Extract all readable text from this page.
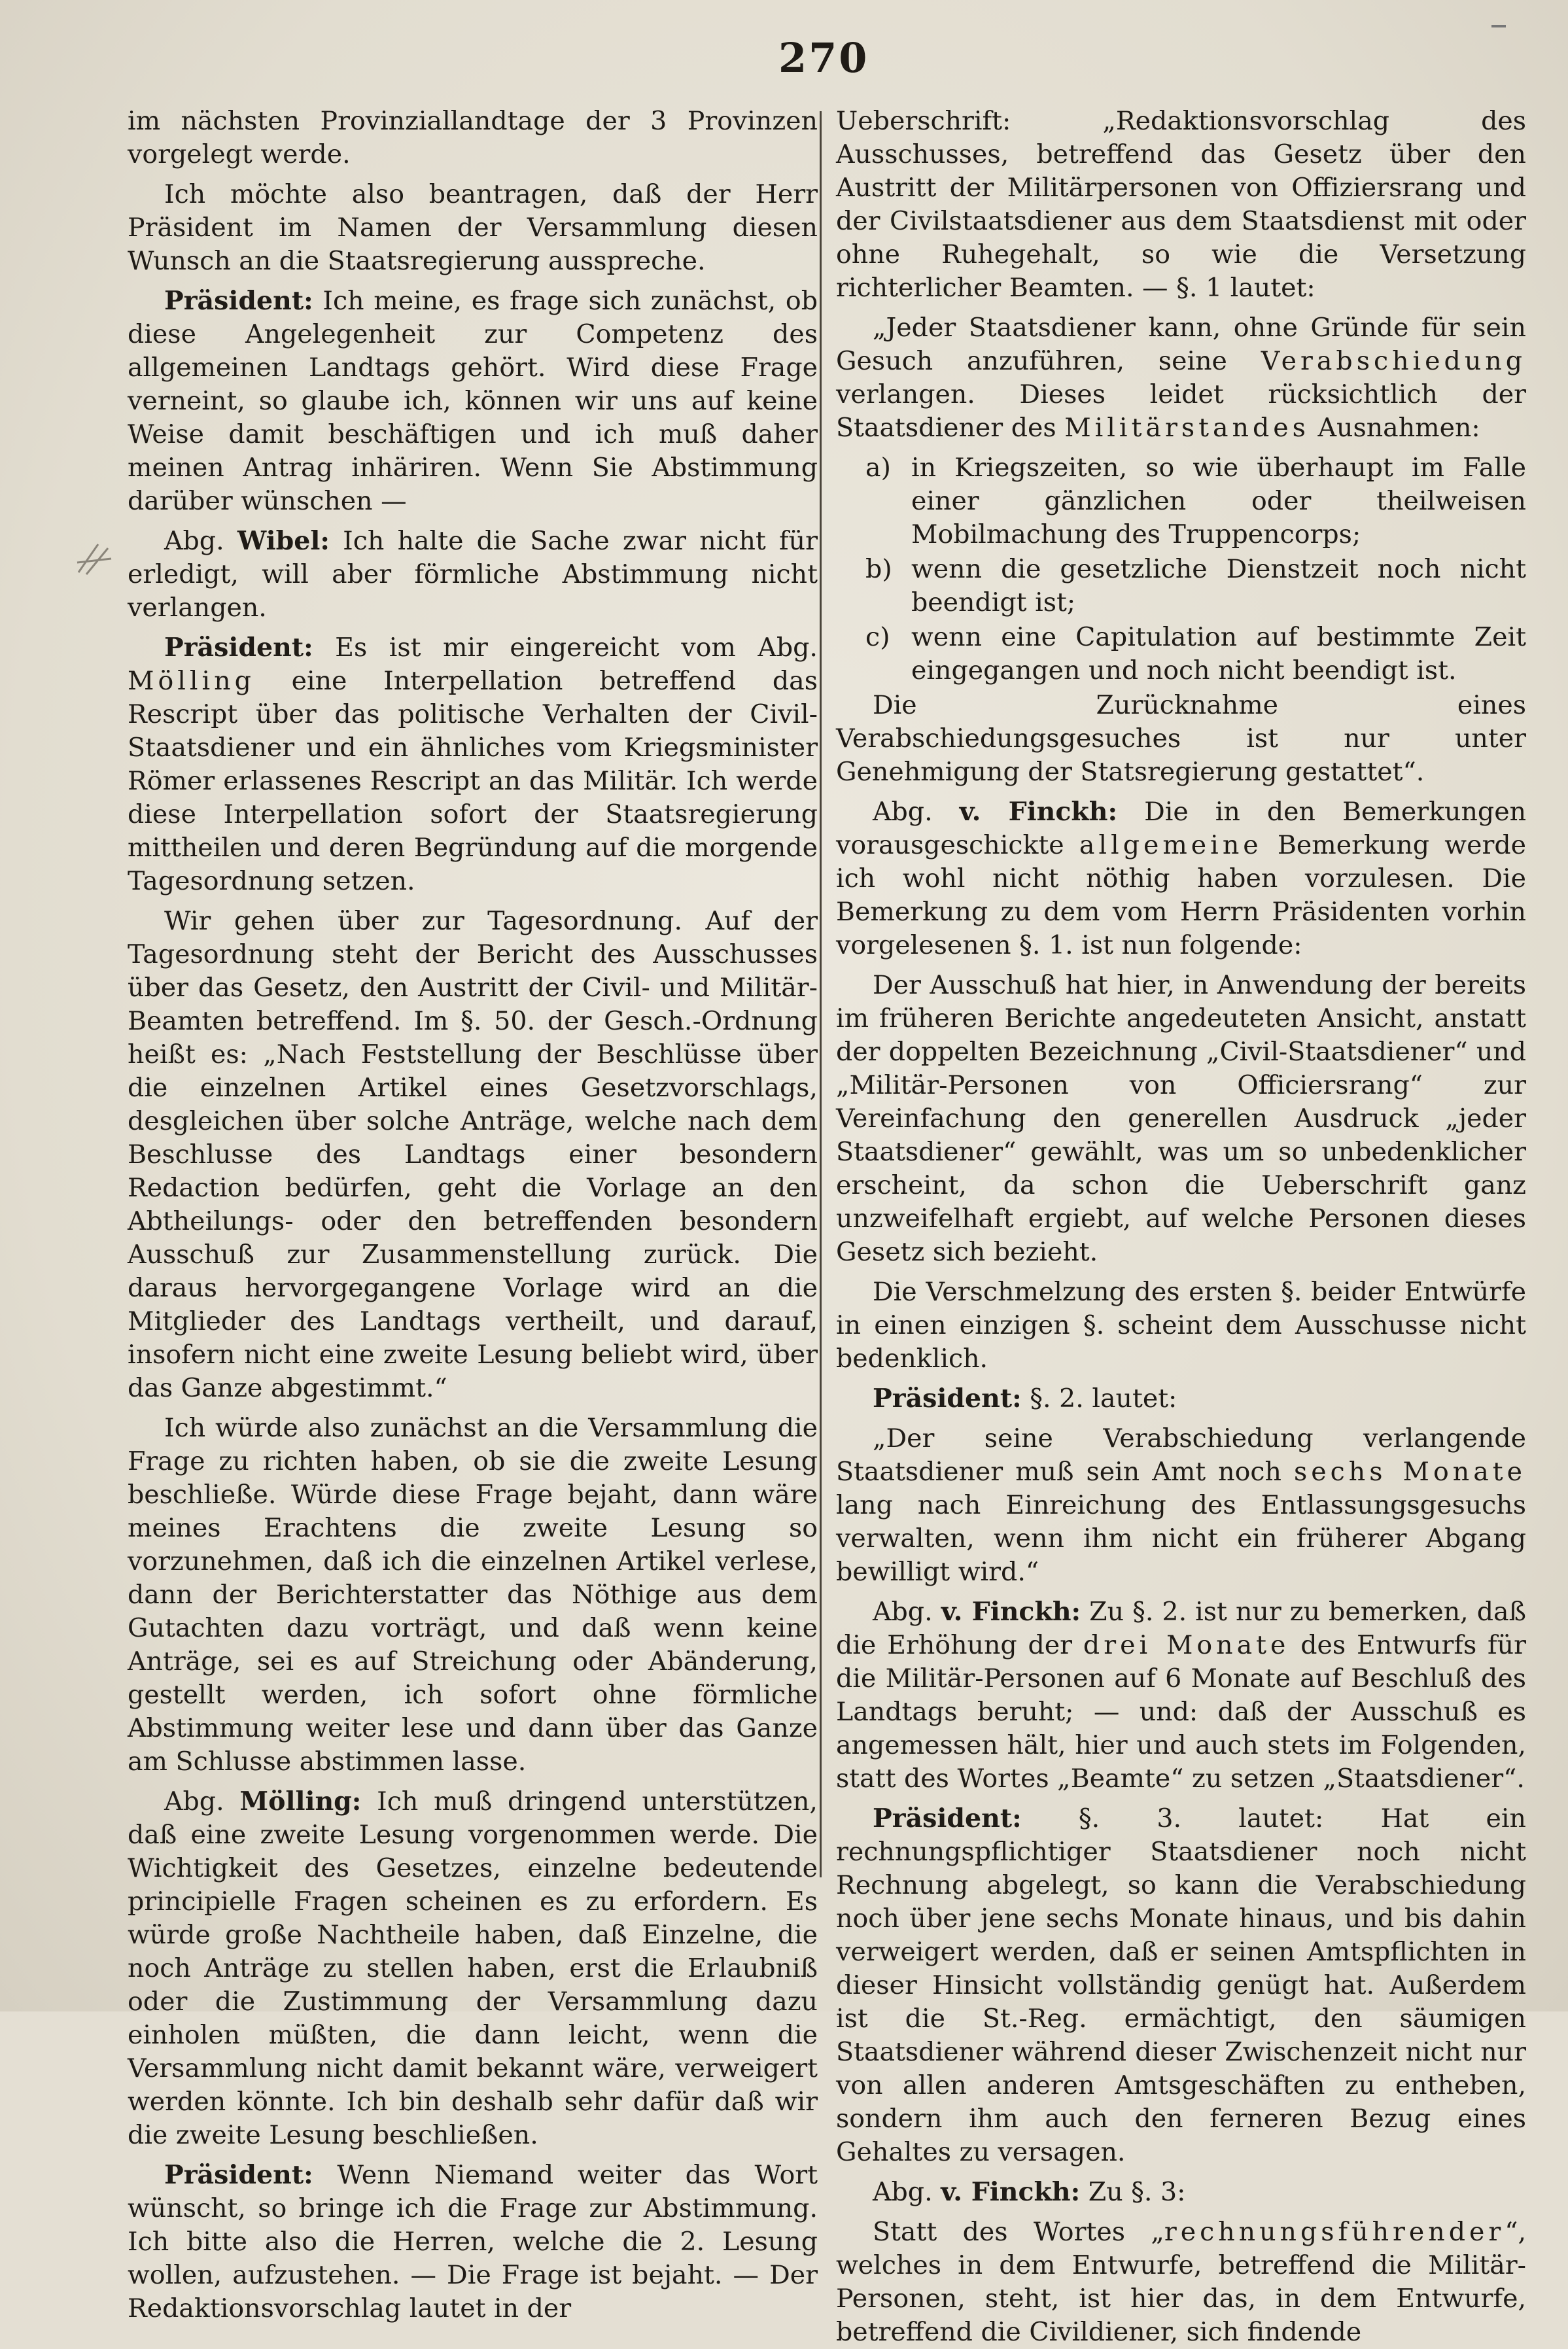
270

im nächsten Provinziallandtage der 3 Provinzen vorgelegt werde.

Ich möchte also beantragen, daß der Herr Präsident im Namen der Versammlung diesen Wunsch an die Staatsregierung ausspreche.

Präsident: Ich meine, es frage sich zunächst, ob diese Angelegenheit zur Competenz des allgemeinen Landtags gehört. Wird diese Frage verneint, so glaube ich, können wir uns auf keine Weise damit beschäftigen und ich muß daher meinen Antrag inhäriren. Wenn Sie Abstimmung darüber wünschen —

Abg. Wibel: Ich halte die Sache zwar nicht für erledigt, will aber förmliche Abstimmung nicht verlangen.

Präsident: Es ist mir eingereicht vom Abg. Mölling eine Interpellation betreffend das Rescript über das politische Verhalten der Civil-Staatsdiener und ein ähnliches vom Kriegsminister Römer erlassenes Rescript an das Militär. Ich werde diese Interpellation sofort der Staatsregierung mittheilen und deren Begründung auf die morgende Tagesordnung setzen.

Wir gehen über zur Tagesordnung. Auf der Tagesordnung steht der Bericht des Ausschusses über das Gesetz, den Austritt der Civil- und Militär-Beamten betreffend. Im §. 50. der Gesch.-Ordnung heißt es: „Nach Feststellung der Beschlüsse über die einzelnen Artikel eines Gesetzvorschlags, desgleichen über solche Anträge, welche nach dem Beschlusse des Landtags einer besondern Redaction bedürfen, geht die Vorlage an den Abtheilungs- oder den betreffenden besondern Ausschuß zur Zusammenstellung zurück. Die daraus hervorgegangene Vorlage wird an die Mitglieder des Landtags vertheilt, und darauf, insofern nicht eine zweite Lesung beliebt wird, über das Ganze abgestimmt.“

Ich würde also zunächst an die Versammlung die Frage zu richten haben, ob sie die zweite Lesung beschließe. Würde diese Frage bejaht, dann wäre meines Erachtens die zweite Lesung so vorzunehmen, daß ich die einzelnen Artikel verlese, dann der Berichterstatter das Nöthige aus dem Gutachten dazu vorträgt, und daß wenn keine Anträge, sei es auf Streichung oder Abänderung, gestellt werden, ich sofort ohne förmliche Abstimmung weiter lese und dann über das Ganze am Schlusse abstimmen lasse.

Abg. Mölling: Ich muß dringend unterstützen, daß eine zweite Lesung vorgenommen werde. Die Wichtigkeit des Gesetzes, einzelne bedeutende principielle Fragen scheinen es zu erfordern. Es würde große Nachtheile haben, daß Einzelne, die noch Anträge zu stellen haben, erst die Erlaubniß oder die Zustimmung der Versammlung dazu einholen müßten, die dann leicht, wenn die Versammlung nicht damit bekannt wäre, verweigert werden könnte. Ich bin deshalb sehr dafür daß wir die zweite Lesung beschließen.

Präsident: Wenn Niemand weiter das Wort wünscht, so bringe ich die Frage zur Abstimmung. Ich bitte also die Herren, welche die 2. Lesung wollen, aufzustehen. — Die Frage ist bejaht. — Der Redaktionsvorschlag lautet in der

Ueberschrift: „Redaktionsvorschlag des Ausschusses, betreffend das Gesetz über den Austritt der Militärpersonen von Offiziersrang und der Civilstaatsdiener aus dem Staatsdienst mit oder ohne Ruhegehalt, so wie die Versetzung richterlicher Beamten. — §. 1 lautet:

„Jeder Staatsdiener kann, ohne Gründe für sein Gesuch anzuführen, seine Verabschiedung verlangen. Dieses leidet rücksichtlich der Staatsdiener des Militärstandes Ausnahmen:

a) in Kriegszeiten, so wie überhaupt im Falle einer gänzlichen oder theilweisen Mobilmachung des Truppencorps;

b) wenn die gesetzliche Dienstzeit noch nicht beendigt ist;

c) wenn eine Capitulation auf bestimmte Zeit eingegangen und noch nicht beendigt ist.

Die Zurücknahme eines Verabschiedungsgesuches ist nur unter Genehmigung der Statsregierung gestattet“.

Abg. v. Finckh: Die in den Bemerkungen vorausgeschickte allgemeine Bemerkung werde ich wohl nicht nöthig haben vorzulesen. Die Bemerkung zu dem vom Herrn Präsidenten vorhin vorgelesenen §. 1. ist nun folgende:

Der Ausschuß hat hier, in Anwendung der bereits im früheren Berichte angedeuteten Ansicht, anstatt der doppelten Bezeichnung „Civil-Staatsdiener“ und „Militär-Personen von Officiersrang“ zur Vereinfachung den generellen Ausdruck „jeder Staatsdiener“ gewählt, was um so unbedenklicher erscheint, da schon die Ueberschrift ganz unzweifelhaft ergiebt, auf welche Personen dieses Gesetz sich bezieht.

Die Verschmelzung des ersten §. beider Entwürfe in einen einzigen §. scheint dem Ausschusse nicht bedenklich.

Präsident: §. 2. lautet:

„Der seine Verabschiedung verlangende Staatsdiener muß sein Amt noch sechs Monate lang nach Einreichung des Entlassungsgesuchs verwalten, wenn ihm nicht ein früherer Abgang bewilligt wird.“

Abg. v. Finckh: Zu §. 2. ist nur zu bemerken, daß die Erhöhung der drei Monate des Entwurfs für die Militär-Personen auf 6 Monate auf Beschluß des Landtags beruht; — und: daß der Ausschuß es angemessen hält, hier und auch stets im Folgenden, statt des Wortes „Beamte“ zu setzen „Staatsdiener“.

Präsident: §. 3. lautet: Hat ein rechnungspflichtiger Staatsdiener noch nicht Rechnung abgelegt, so kann die Verabschiedung noch über jene sechs Monate hinaus, und bis dahin verweigert werden, daß er seinen Amtspflichten in dieser Hinsicht vollständig genügt hat. Außerdem ist die St.-Reg. ermächtigt, den säumigen Staatsdiener während dieser Zwischenzeit nicht nur von allen anderen Amtsgeschäften zu entheben, sondern ihm auch den ferneren Bezug eines Gehaltes zu versagen.

Abg. v. Finckh: Zu §. 3:

Statt des Wortes „rechnungsführender“, welches in dem Entwurfe, betreffend die Militär-Personen, steht, ist hier das, in dem Entwurfe, betreffend die Civildiener, sich findende
